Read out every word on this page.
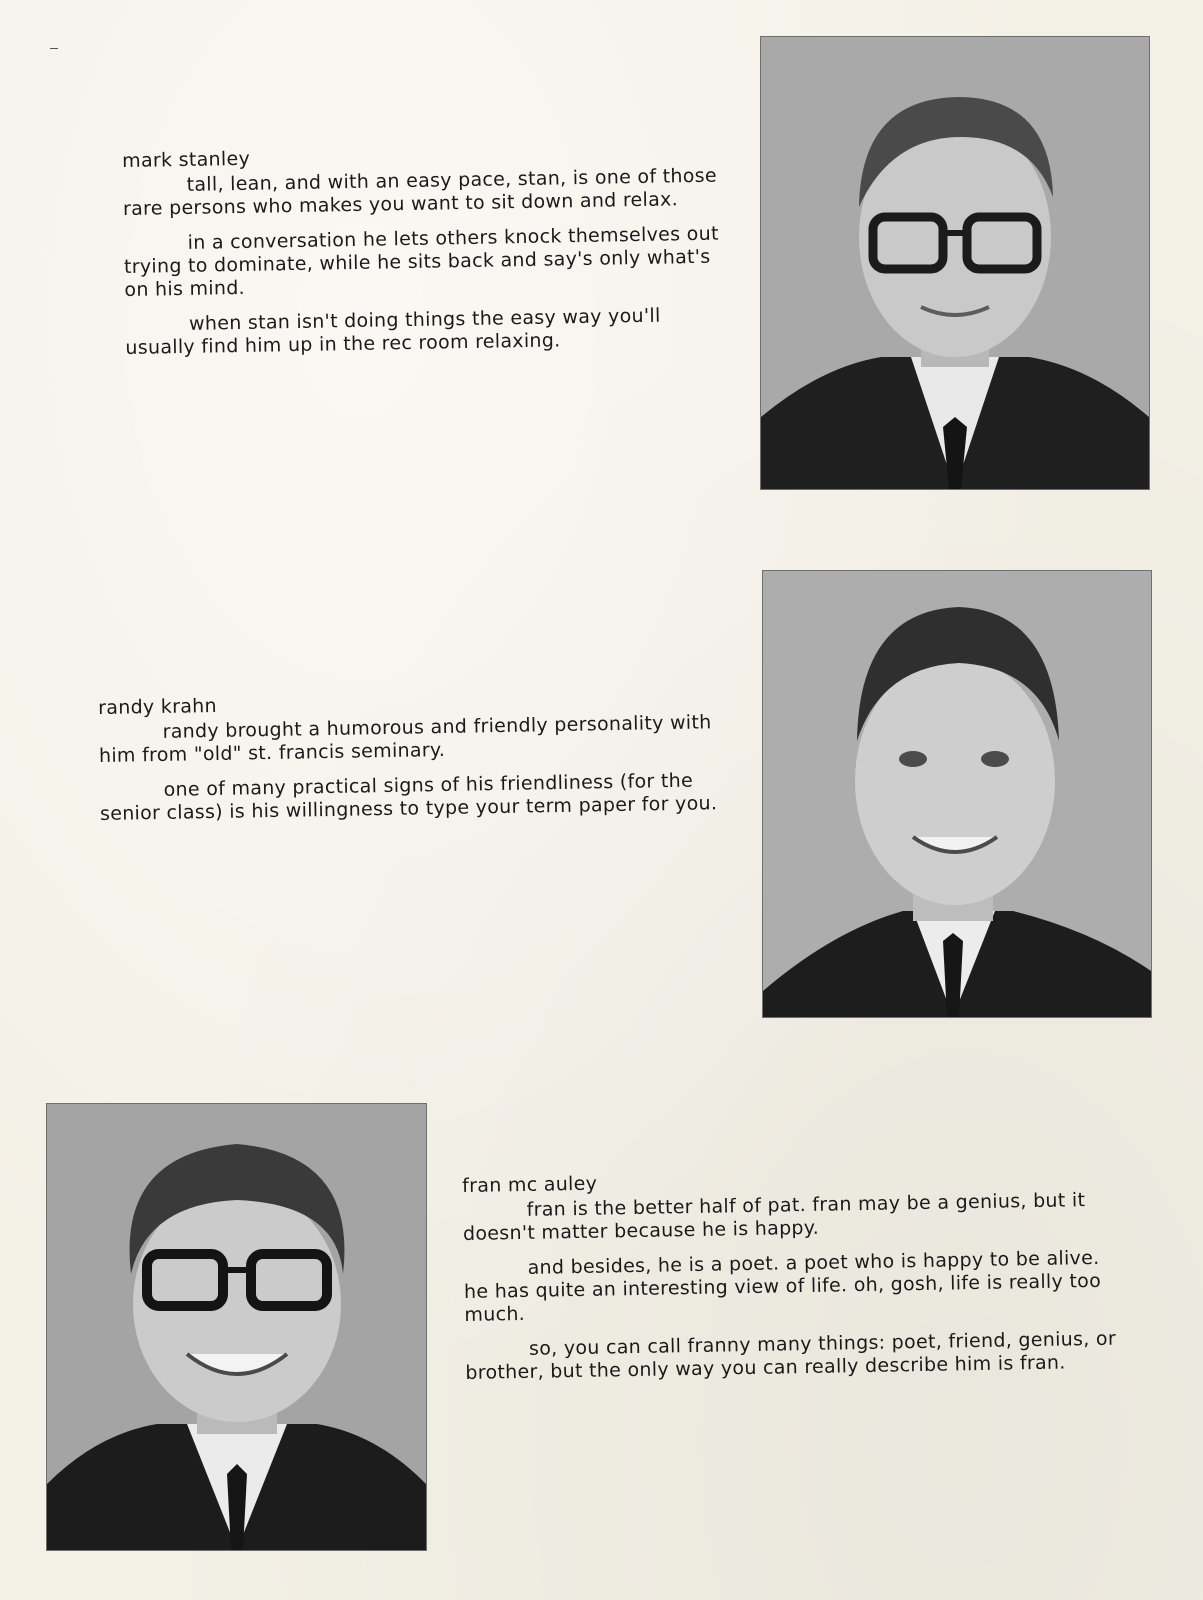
mark stanley

tall, lean, and with an easy pace, stan, is one of those rare persons who makes you want to sit down and relax.

in a conversation he lets others knock themselves out trying to dominate, while he sits back and say's only what's on his mind.

when stan isn't doing things the easy way you'll usually find him up in the rec room relaxing.

randy krahn

randy brought a humorous and friendly personality with him from "old" st. francis seminary.

one of many practical signs of his friendliness (for the senior class) is his willingness to type your term paper for you.

fran mc auley

fran is the better half of pat. fran may be a genius, but it doesn't matter because he is happy.

and besides, he is a poet. a poet who is happy to be alive. he has quite an interesting view of life. oh, gosh, life is really too much.

so, you can call franny many things: poet, friend, genius, or brother, but the only way you can really describe him is fran.
